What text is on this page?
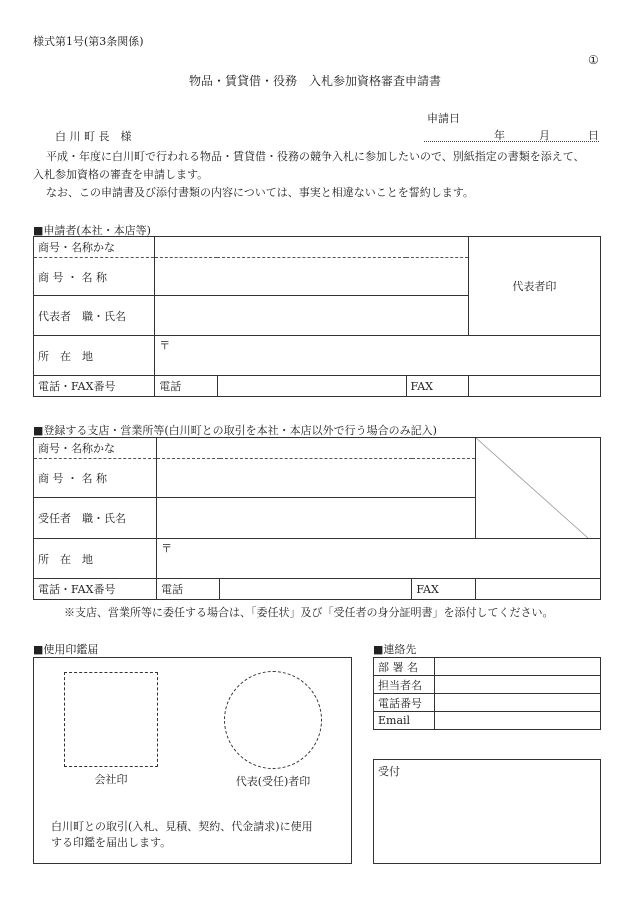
様式第1号(第3条関係)
①
物品・賃貸借・役務　入札参加資格審査申請書
申請日
年	月	日
白 川 町 長　様
平成・年度に白川町で行われる物品・賃貸借・役務の競争入札に参加したいので、別紙指定の書類を添えて、
入札参加資格の審査を申請します。
なお、この申請書及び添付書類の内容については、事実と相違ないことを誓約します。
■申請者(本社・本店等)
商号・名称かな				代表者印
商 号 ・ 名 称				
代表者　職・氏名				
所　在　地	〒			
電話・FAX番号	電話		FAX	
■登録する支店・営業所等(白川町との取引を本社・本店以外で行う場合のみ記入)
商号・名称かな		

商 号 ・ 名 称				
受任者　職・氏名				
所　在　地	〒			
電話・FAX番号	電話		FAX	
※支店、営業所等に委任する場合は、「委任状」及び「受任者の身分証明書」を添付してください。
■使用印鑑届
会社印	代表(受任)者印
白川町との取引(入札、見積、契約、代金請求)に使用
する印鑑を届出します。
■連絡先
部 署 名	
担当者名	
電話番号	
Email	
受付
